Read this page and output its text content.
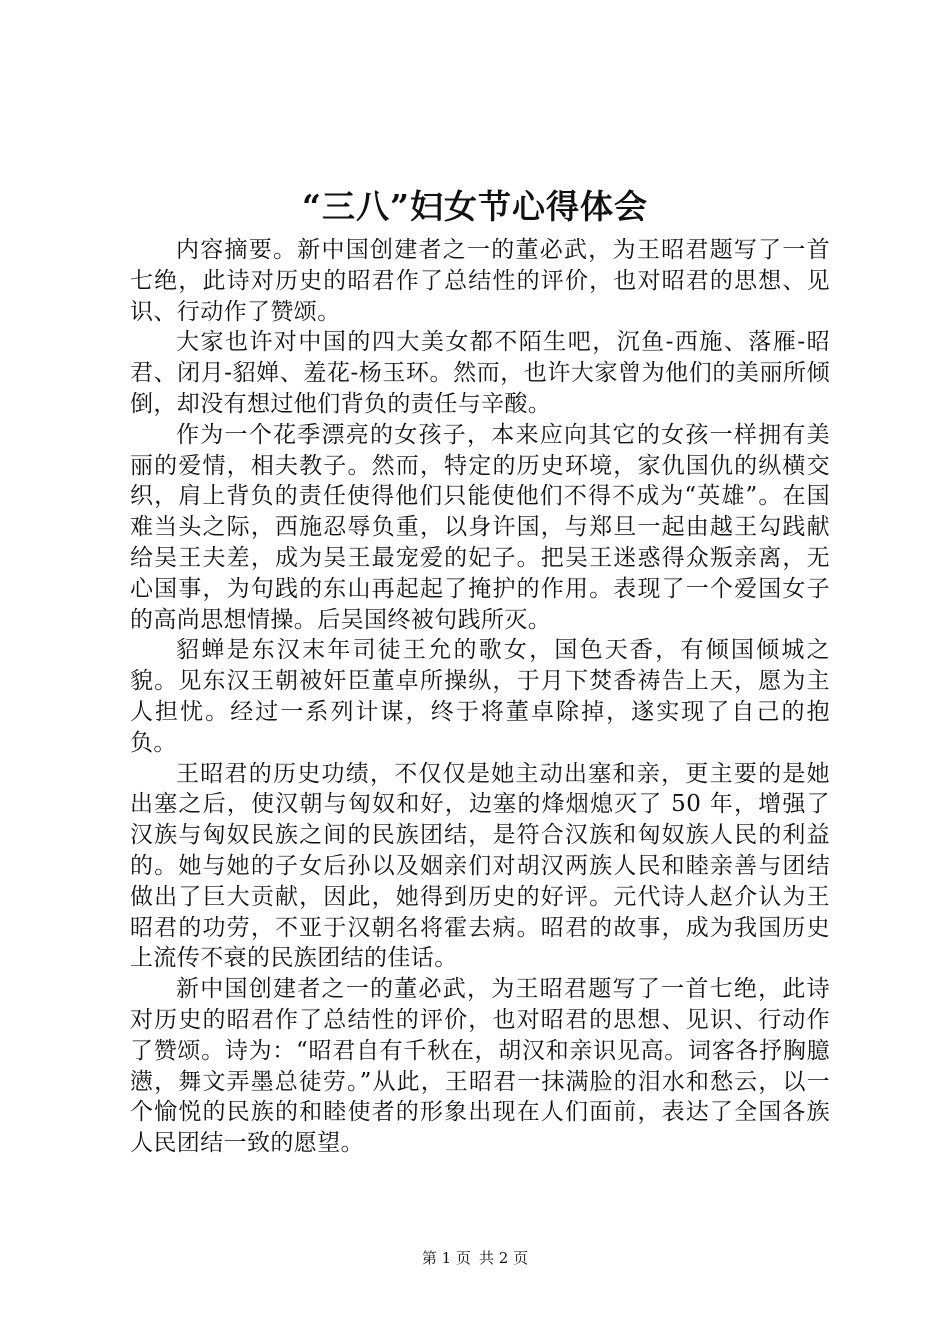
“三八”妇女节心得体会

内容摘要。新中国创建者之一的董必武，为王昭君题写了一首七绝，此诗对历史的昭君作了总结性的评价，也对昭君的思想、见识、行动作了赞颂。

大家也许对中国的四大美女都不陌生吧，沉鱼-西施、落雁-昭君、闭月-貂婵、羞花-杨玉环。然而，也许大家曾为他们的美丽所倾倒，却没有想过他们背负的责任与辛酸。

作为一个花季漂亮的女孩子，本来应向其它的女孩一样拥有美丽的爱情，相夫教子。然而，特定的历史环境，家仇国仇的纵横交织，肩上背负的责任使得他们只能使他们不得不成为“英雄”。在国难当头之际，西施忍辱负重，以身许国，与郑旦一起由越王勾践献给吴王夫差，成为吴王最宠爱的妃子。把吴王迷惑得众叛亲离，无心国事，为句践的东山再起起了掩护的作用。表现了一个爱国女子的高尚思想情操。后吴国终被句践所灭。

貂蝉是东汉末年司徒王允的歌女，国色天香，有倾国倾城之貌。见东汉王朝被奸臣董卓所操纵，于月下焚香祷告上天，愿为主人担忧。经过一系列计谋，终于将董卓除掉，遂实现了自己的抱负。

王昭君的历史功绩，不仅仅是她主动出塞和亲，更主要的是她出塞之后，使汉朝与匈奴和好，边塞的烽烟熄灭了 50 年，增强了汉族与匈奴民族之间的民族团结，是符合汉族和匈奴族人民的利益的。她与她的子女后孙以及姻亲们对胡汉两族人民和睦亲善与团结做出了巨大贡献，因此，她得到历史的好评。元代诗人赵介认为王昭君的功劳，不亚于汉朝名将霍去病。昭君的故事，成为我国历史上流传不衰的民族团结的佳话。

新中国创建者之一的董必武，为王昭君题写了一首七绝，此诗对历史的昭君作了总结性的评价，也对昭君的思想、见识、行动作了赞颂。诗为：“昭君自有千秋在，胡汉和亲识见高。词客各抒胸臆懑，舞文弄墨总徒劳。”从此，王昭君一抹满脸的泪水和愁云，以一个愉悦的民族的和睦使者的形象出现在人们面前，表达了全国各族人民团结一致的愿望。

第 1 页 共 2 页
